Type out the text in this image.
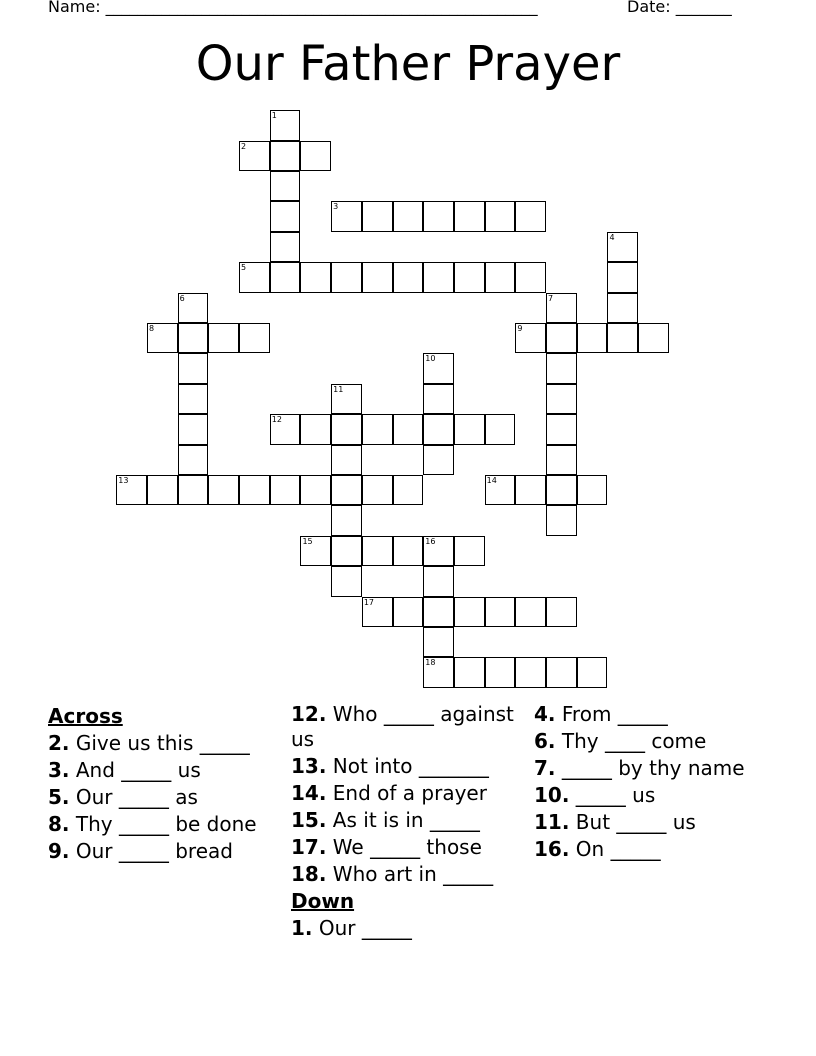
Name: ______________________________________________________	Date: _______
Our Father Prayer
1
2
3
4
5
6	7
8	9
10
11
12
13	14
15	16
17
18
Across
2. Give us this _____
3. And _____ us
5. Our _____ as
8. Thy _____ be done
9. Our _____ bread
12. Who _____ against us
13. Not into _______
14. End of a prayer
15. As it is in _____
17. We _____ those
18. Who art in _____
Down
1. Our _____
4. From _____
6. Thy ____ come
7. _____ by thy name
10. _____ us
11. But _____ us
16. On _____
